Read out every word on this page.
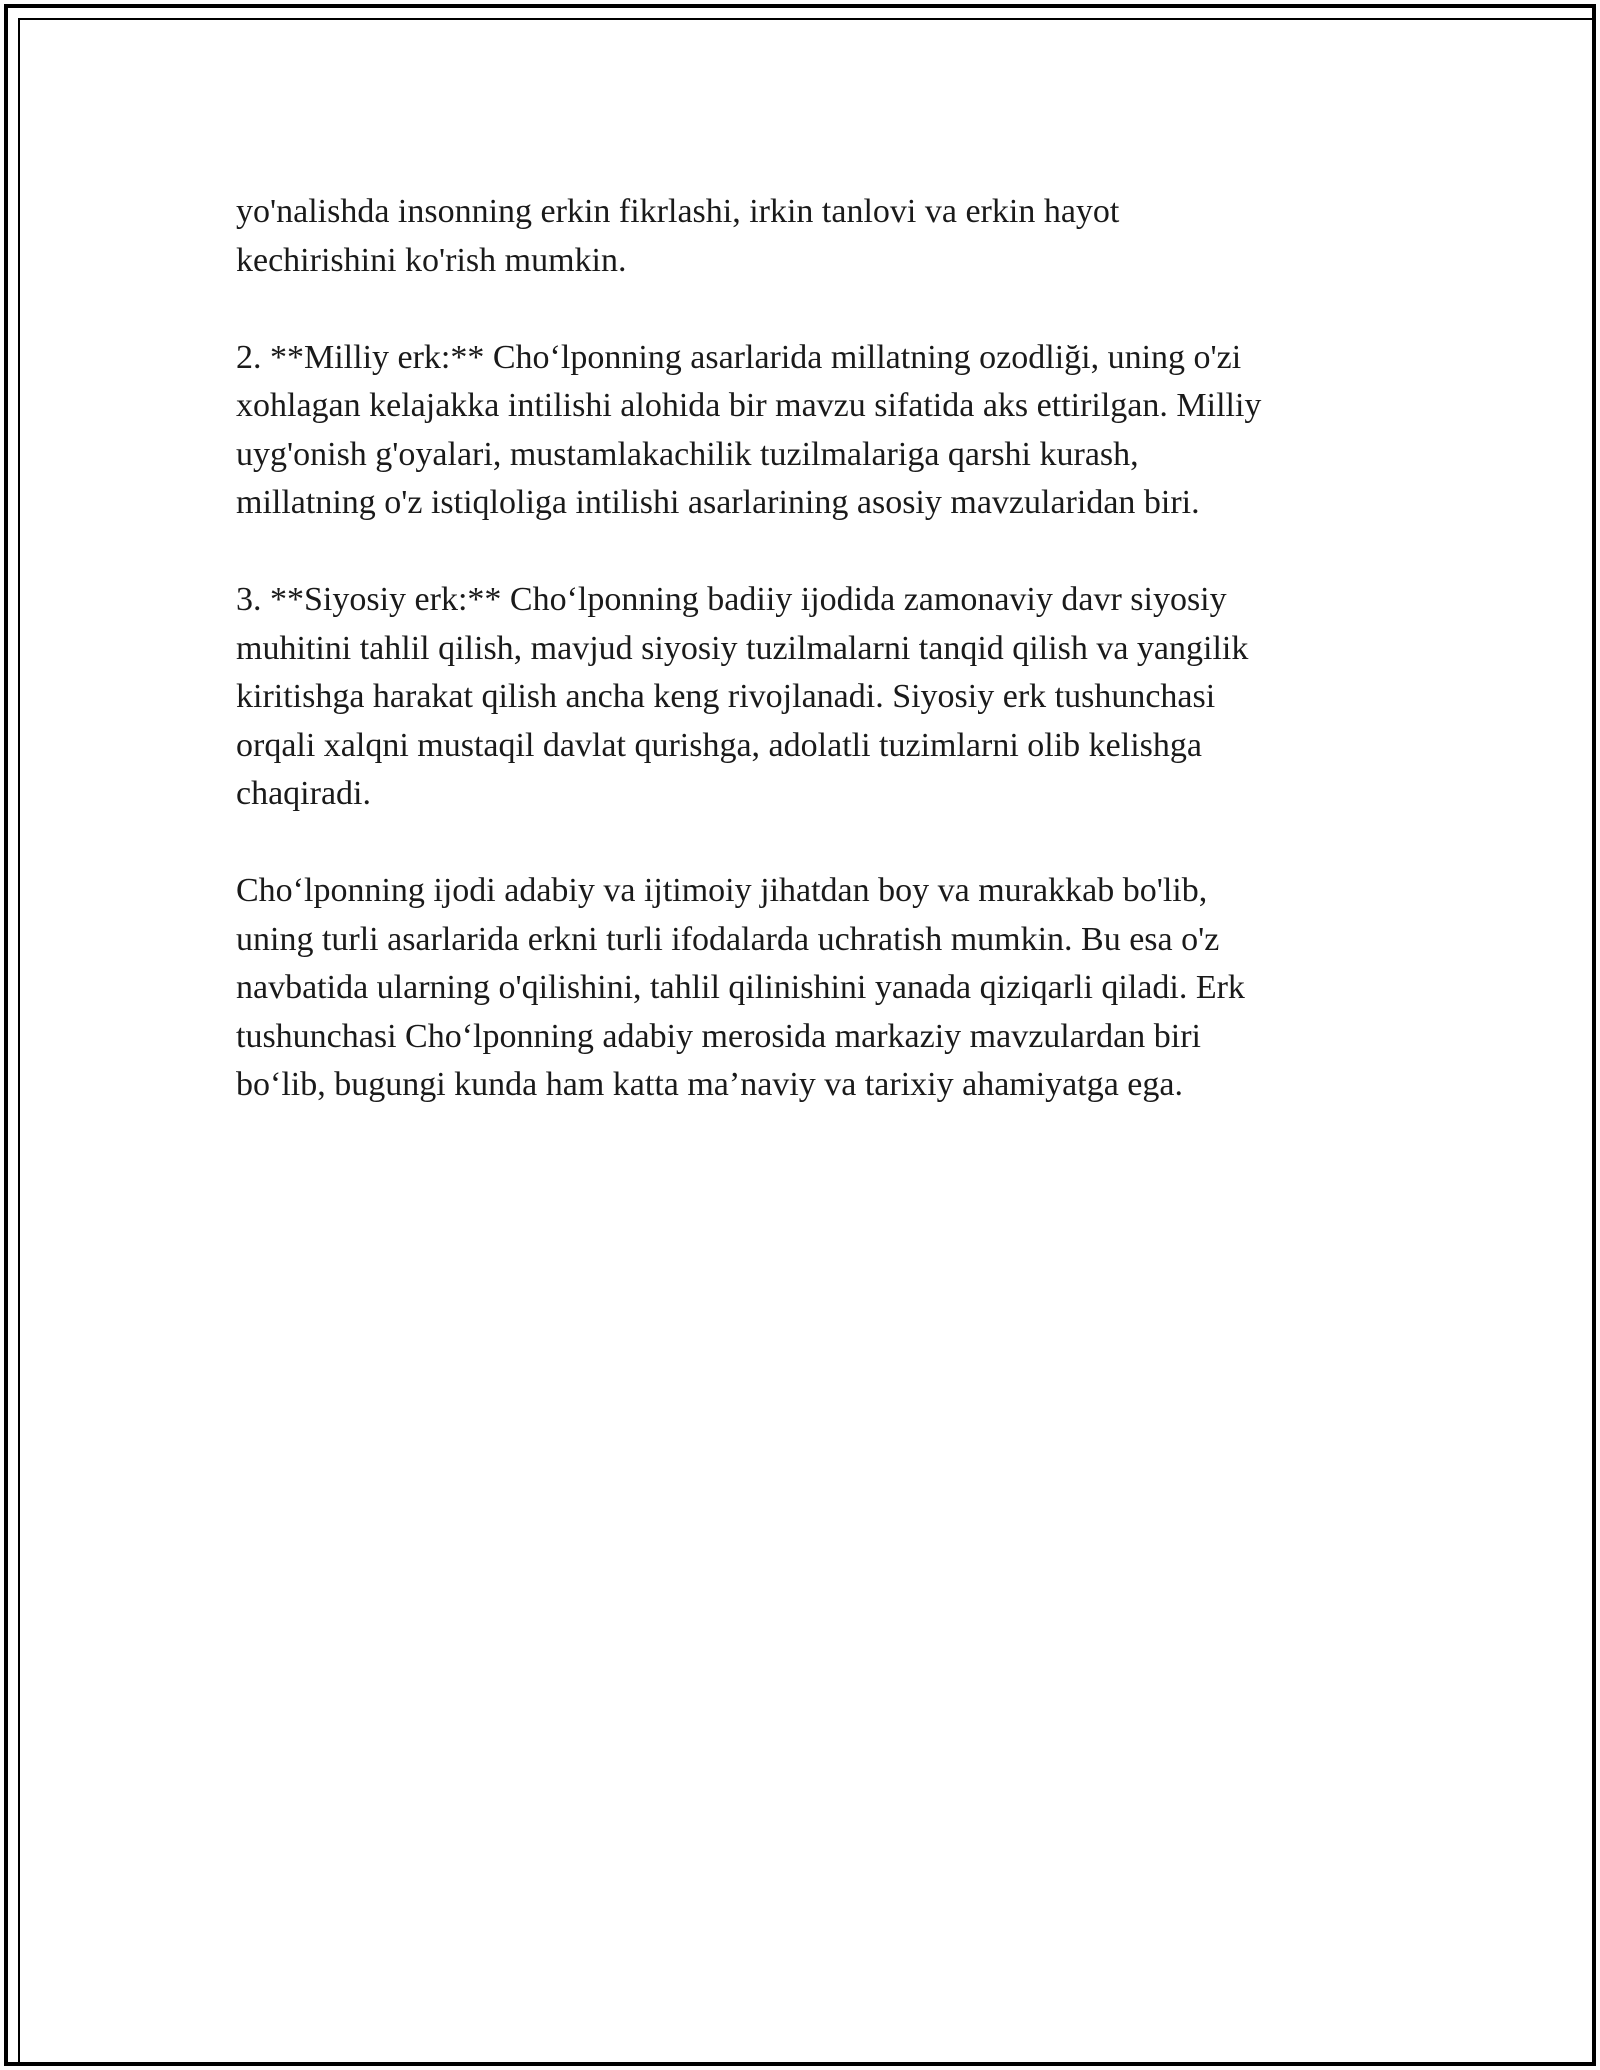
yo'nalishda insonning erkin fikrlashi, irkin tanlovi va erkin hayot
kechirishini ko'rish mumkin.

2. **Milliy erk:** Cho‘lponning asarlarida millatning ozodliği, uning o'zi
xohlagan kelajakka intilishi alohida bir mavzu sifatida aks ettirilgan. Milliy
uyg'onish g'oyalari, mustamlakachilik tuzilmalariga qarshi kurash,
millatning o'z istiqloliga intilishi asarlarining asosiy mavzularidan biri.

3. **Siyosiy erk:** Cho‘lponning badiiy ijodida zamonaviy davr siyosiy
muhitini tahlil qilish, mavjud siyosiy tuzilmalarni tanqid qilish va yangilik
kiritishga harakat qilish ancha keng rivojlanadi. Siyosiy erk tushunchasi
orqali xalqni mustaqil davlat qurishga, adolatli tuzimlarni olib kelishga
chaqiradi.

Cho‘lponning ijodi adabiy va ijtimoiy jihatdan boy va murakkab bo'lib,
uning turli asarlarida erkni turli ifodalarda uchratish mumkin. Bu esa o'z
navbatida ularning o'qilishini, tahlil qilinishini yanada qiziqarli qiladi. Erk
tushunchasi Cho‘lponning adabiy merosida markaziy mavzulardan biri
bo‘lib, bugungi kunda ham katta ma’naviy va tarixiy ahamiyatga ega.
